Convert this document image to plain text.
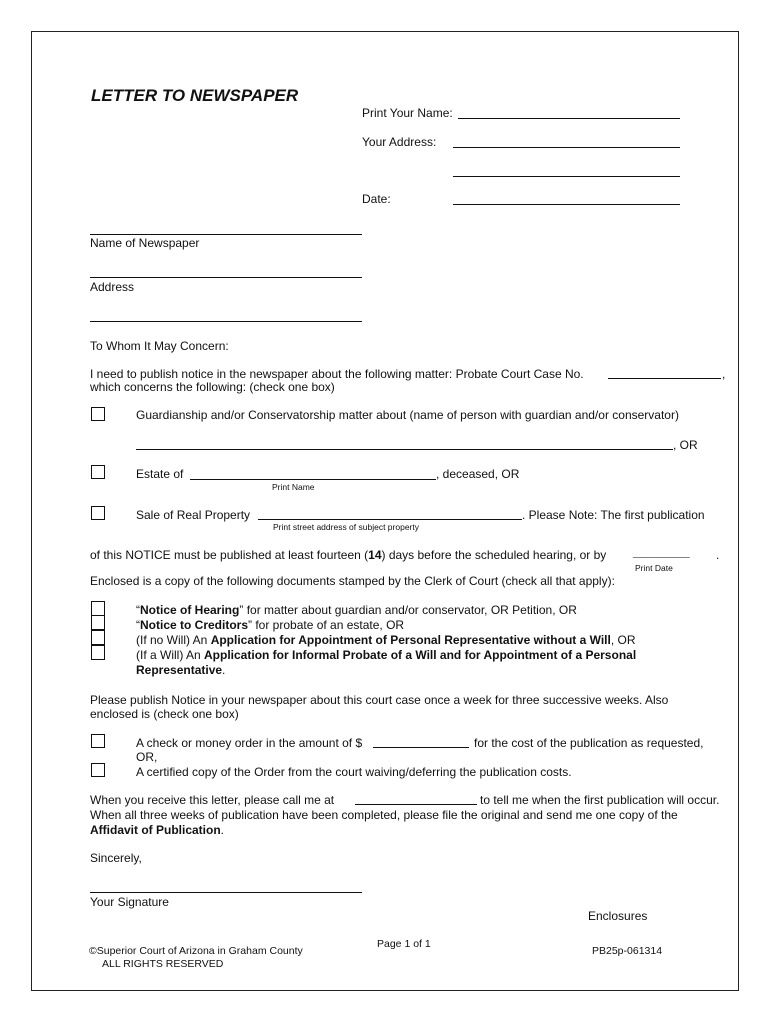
LETTER TO NEWSPAPER
Print Your Name:
Your Address:
Date:
Name of Newspaper
Address
To Whom It May Concern:
I need to publish notice in the newspaper about the following matter: Probate Court Case No.	,
which concerns the following: (check one box)
Guardianship and/or Conservatorship matter about (name of person with guardian and/or conservator)
, OR
Estate of	, deceased, OR
Print Name
Sale of Real Property	. Please Note: The first publication
Print street address of subject property
of this NOTICE must be published at least fourteen (14) days before the scheduled hearing, or by	____________ .
Print Date
Enclosed is a copy of the following documents stamped by the Clerk of Court (check all that apply):
“Notice of Hearing” for matter about guardian and/or conservator, OR Petition, OR
“Notice to Creditors” for probate of an estate, OR
(If no Will) An Application for Appointment of Personal Representative without a Will, OR
(If a Will) An Application for Informal Probate of a Will and for Appointment of a Personal
Representative.
Please publish Notice in your newspaper about this court case once a week for three successive weeks. Also
enclosed is (check one box)
A check or money order in the amount of $	for the cost of the publication as requested,
OR,
A certified copy of the Order from the court waiving/deferring the publication costs.
When you receive this letter, please call me at	to tell me when the first publication will occur.
When all three weeks of publication have been completed, please file the original and send me one copy of the
Affidavit of Publication.
Sincerely,
Your Signature
Enclosures
©Superior Court of Arizona in Graham County
ALL RIGHTS RESERVED
Page 1 of 1
PB25p-061314
